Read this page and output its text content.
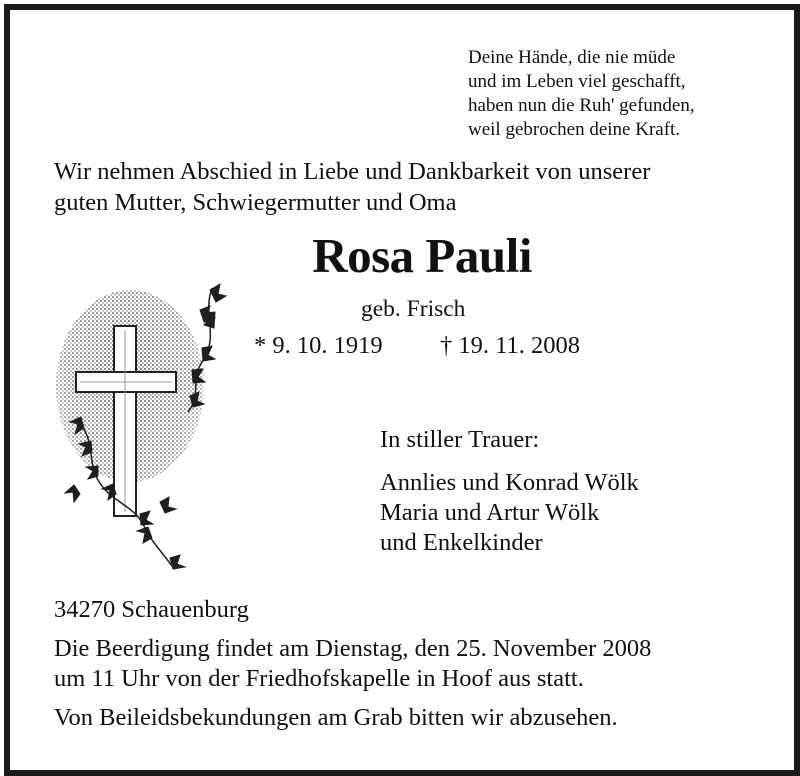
Deine Hände, die nie müde
und im Leben viel geschafft,
haben nun die Ruh' gefunden,
weil gebrochen deine Kraft.
Wir nehmen Abschied in Liebe und Dankbarkeit von unserer
guten Mutter, Schwiegermutter und Oma
Rosa Pauli
geb. Frisch
* 9. 10. 1919 † 19. 11. 2008
In stiller Trauer:
Annlies und Konrad Wölk
Maria und Artur Wölk
und Enkelkinder
34270 Schauenburg
Die Beerdigung findet am Dienstag, den 25. November 2008
um 11 Uhr von der Friedhofskapelle in Hoof aus statt.
Von Beileidsbekundungen am Grab bitten wir abzusehen.
